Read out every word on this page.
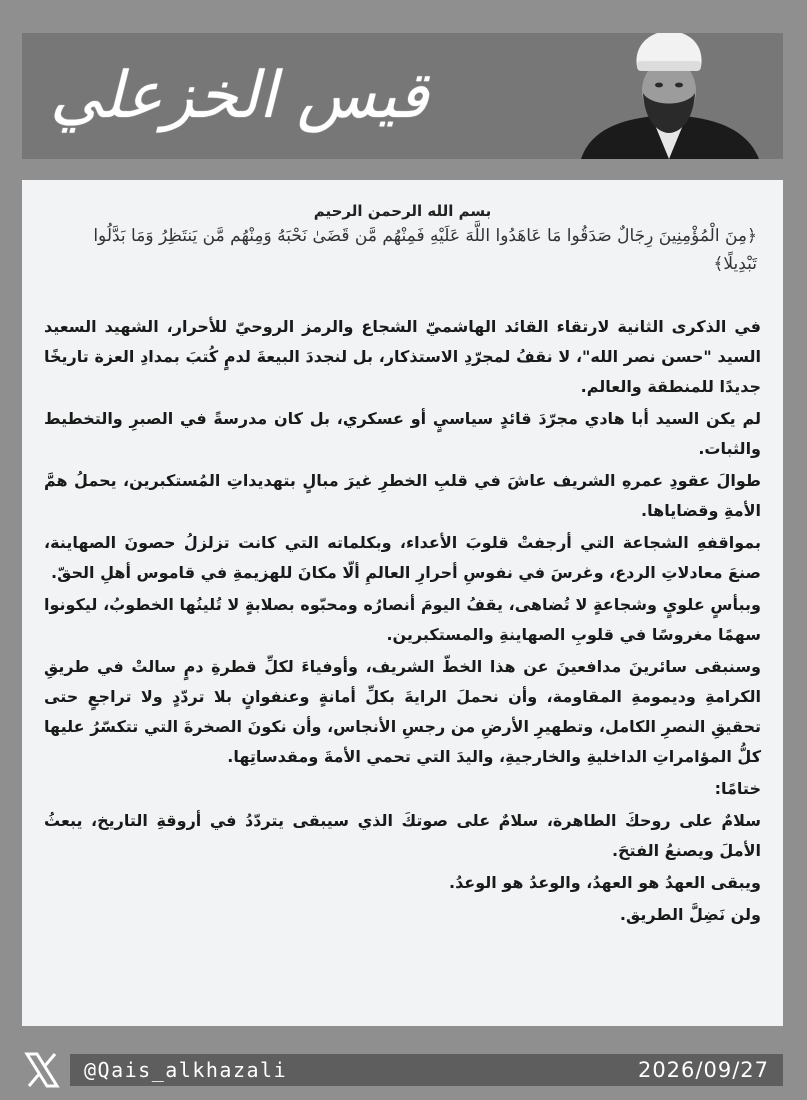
قيس الخزعلي
بسم الله الرحمن الرحيم
﴿مِنَ الْمُؤْمِنِينَ رِجَالٌ صَدَقُوا مَا عَاهَدُوا اللَّهَ عَلَيْهِ فَمِنْهُم مَّن قَضَىٰ نَحْبَهُ وَمِنْهُم مَّن يَنتَظِرُ وَمَا بَدَّلُوا تَبْدِيلًا﴾

في الذكرى الثانية لارتقاء القائد الهاشميّ الشجاع والرمز الروحيّ للأحرار، الشهيد السعيد السيد "حسن نصر الله"، لا نقفُ لمجرّدِ الاستذكار، بل لنجددَ البيعةَ لدمٍ كُتبَ بمدادِ العزة تاريخًا جديدًا للمنطقة والعالم.

لم يكن السيد أبا هادي مجرّدَ قائدٍ سياسيٍ أو عسكري، بل كان مدرسةً في الصبرِ والتخطيط والثبات.

طوالَ عقودِ عمرهِ الشريف عاشَ في قلبِ الخطرِ غيرَ مبالٍ بتهديداتِ المُستكبرين، يحملُ همَّ الأمةِ وقضاياها.

بمواقفهِ الشجاعة التي أرجفتْ قلوبَ الأعداء، وبكلماته التي كانت تزلزلُ حصونَ الصهاينة، صنعَ معادلاتِ الردع، وغرسَ في نفوسِ أحرارِ العالمِ ألّا مكانَ للهزيمةِ في قاموس أهلِ الحقّ.

وببأسٍ علويٍ وشجاعةٍ لا تُضاهى، يقفُ اليومَ أنصارُه ومحبّوه بصلابةٍ لا تُلينُها الخطوبُ، ليكونوا سهمًا مغروسًا في قلوبِ الصهاينةِ والمستكبرين.

وسنبقى سائرينَ مدافعينَ عن هذا الخطّ الشريف، وأوفياءَ لكلِّ قطرةِ دمٍ سالتْ في طريقِ الكرامةِ وديمومةِ المقاومة، وأن نحملَ الرايةَ بكلِّ أمانةٍ وعنفوانٍ بلا تردّدٍ ولا تراجعٍ حتى تحقيقِ النصرِ الكامل، وتطهيرِ الأرضِ من رجسِ الأنجاس، وأن نكونَ الصخرةَ التي تتكسّرُ عليها كلُّ المؤامراتِ الداخليةِ والخارجيةِ، واليدَ التي تحمي الأمةَ ومقدساتِها.

ختامًا:

سلامٌ على روحكَ الطاهرة، سلامٌ على صوتكَ الذي سيبقى يتردّدُ في أروقةِ التاريخ، يبعثُ الأملَ ويصنعُ الفتحَ.

ويبقى العهدُ هو العهدُ، والوعدُ هو الوعدُ.

ولن نَضِلَّ الطريق.

@Qais_alkhazali	2026/09/27
